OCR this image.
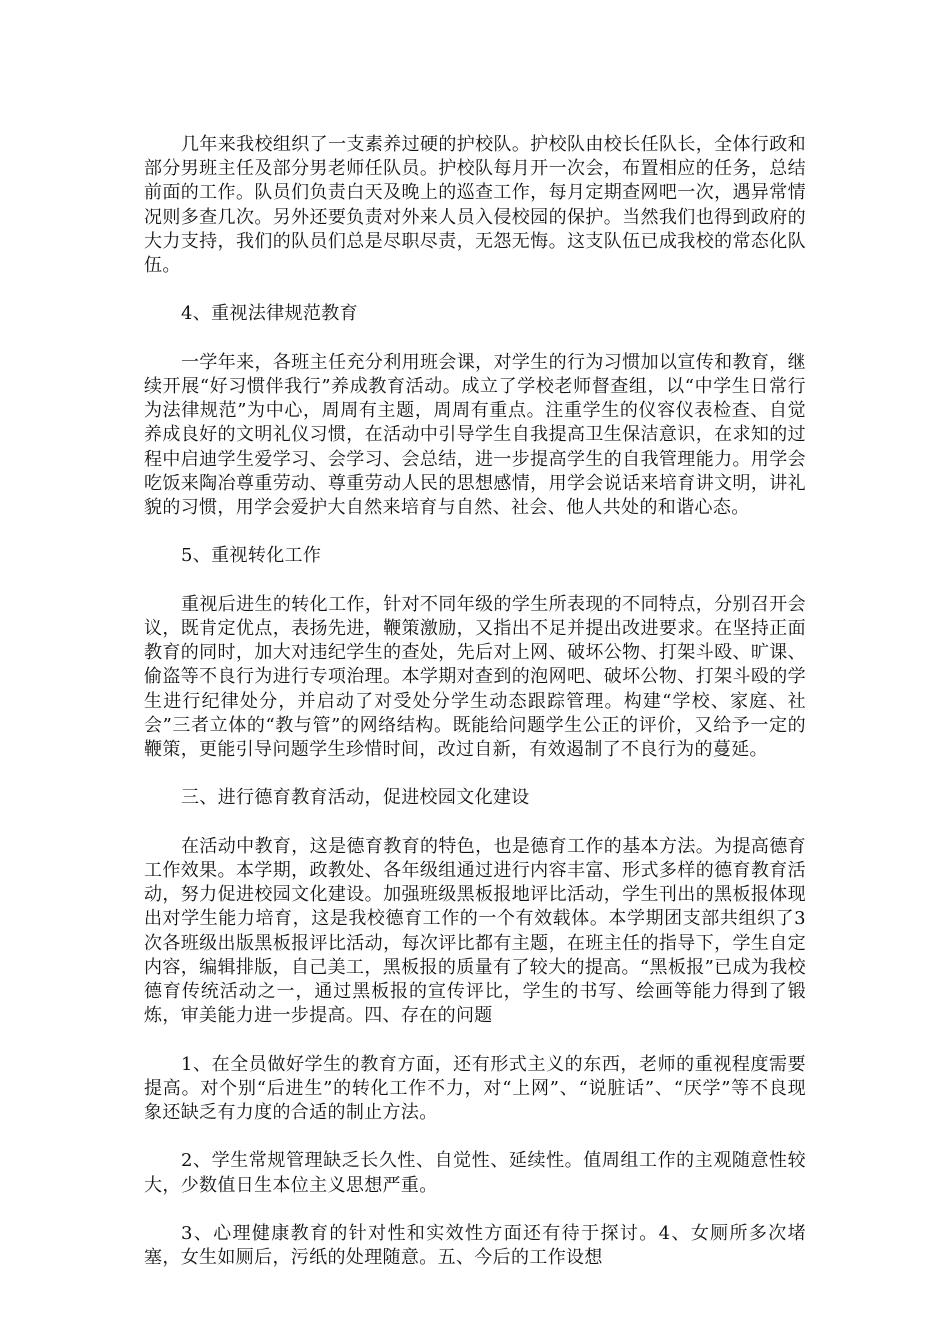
几年来我校组织了一支素养过硬的护校队。护校队由校长任队长，全体行政和部分男班主任及部分男老师任队员。护校队每月开一次会，布置相应的任务，总结前面的工作。队员们负责白天及晚上的巡查工作，每月定期查网吧一次，遇异常情况则多查几次。另外还要负责对外来人员入侵校园的保护。当然我们也得到政府的大力支持，我们的队员们总是尽职尽责，无怨无悔。这支队伍已成我校的常态化队伍。

4、重视法律规范教育

一学年来，各班主任充分利用班会课，对学生的行为习惯加以宣传和教育，继续开展“好习惯伴我行”养成教育活动。成立了学校老师督查组，以“中学生日常行为法律规范”为中心，周周有主题，周周有重点。注重学生的仪容仪表检查、自觉养成良好的文明礼仪习惯，在活动中引导学生自我提高卫生保洁意识，在求知的过程中启迪学生爱学习、会学习、会总结，进一步提高学生的自我管理能力。用学会吃饭来陶冶尊重劳动、尊重劳动人民的思想感情，用学会说话来培育讲文明，讲礼貌的习惯，用学会爱护大自然来培育与自然、社会、他人共处的和谐心态。

5、重视转化工作

重视后进生的转化工作，针对不同年级的学生所表现的不同特点，分别召开会议，既肯定优点，表扬先进，鞭策激励，又指出不足并提出改进要求。在坚持正面教育的同时，加大对违纪学生的查处，先后对上网、破坏公物、打架斗殴、旷课、偷盗等不良行为进行专项治理。本学期对查到的泡网吧、破坏公物、打架斗殴的学生进行纪律处分，并启动了对受处分学生动态跟踪管理。构建“学校、家庭、社会”三者立体的“教与管”的网络结构。既能给问题学生公正的评价，又给予一定的鞭策，更能引导问题学生珍惜时间，改过自新，有效遏制了不良行为的蔓延。

三、进行德育教育活动，促进校园文化建设

在活动中教育，这是德育教育的特色，也是德育工作的基本方法。为提高德育工作效果。本学期，政教处、各年级组通过进行内容丰富、形式多样的德育教育活动，努力促进校园文化建设。加强班级黑板报地评比活动，学生刊出的黑板报体现出对学生能力培育，这是我校德育工作的一个有效载体。本学期团支部共组织了3次各班级出版黑板报评比活动，每次评比都有主题，在班主任的指导下，学生自定内容，编辑排版，自己美工，黑板报的质量有了较大的提高。“黑板报”已成为我校德育传统活动之一，通过黑板报的宣传评比，学生的书写、绘画等能力得到了锻炼，审美能力进一步提高。四、存在的问题

1、在全员做好学生的教育方面，还有形式主义的东西，老师的重视程度需要提高。对个别“后进生”的转化工作不力，对“上网”、“说脏话”、“厌学”等不良现象还缺乏有力度的合适的制止方法。

2、学生常规管理缺乏长久性、自觉性、延续性。值周组工作的主观随意性较大，少数值日生本位主义思想严重。

3、心理健康教育的针对性和实效性方面还有待于探讨。4、女厕所多次堵塞，女生如厕后，污纸的处理随意。五、今后的工作设想
